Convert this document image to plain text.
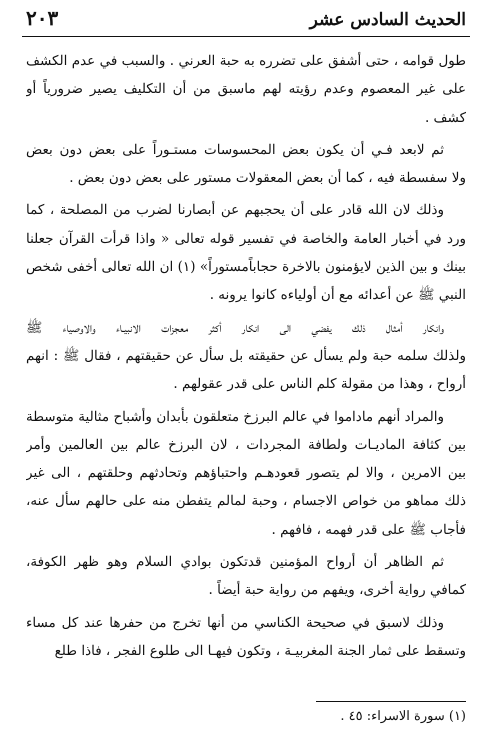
الحديث السادس عشر
٢٠٣
طول قوامه ، حتى أشفق على تضرره به حبة العرني . والسبب في عدم الكشف
على غير المعصوم وعدم رؤيته لهم ماسبق من أن التكليف يصير ضرورياً أو
كشف .
ثم لابعد فـي أن يكون بعض المحسوسات مستـوراً على بعض دون بعض
ولا سفسطة فيه ، كما أن بعض المعقولات مستور على بعض دون بعض .
وذلك لان الله قادر على أن يحجبهم عن أبصارنا لضرب من المصلحة ، كما
ورد في أخبار العامة والخاصة في تفسير قوله تعالى « واذا قرأت القرآن جعلنا
بينك و بين الذين لايؤمنون بالاخرة حجاباًمستوراً» (١) ان الله تعالى أخفى شخص
النبي ﷺ عن أعدائه مع أن أولياءه كانوا يرونه .
وانكار أمثال ذلك يفضي الى انكار أكثر معجزات الانبيـاء والاوصياء ﷺ
ولذلك سلمه حبة ولم يسأل عن حقيقته بل سأل عن حقيقتهم ، فقال ﷺ : انهم
أرواح ، وهذا من مقولة كلم الناس على قدر عقولهم .
والمراد أنهم ماداموا في عالم البرزخ متعلقون بأبدان وأشباح مثالية متوسطة
بين كثافة الماديـات ولطافة المجردات ، لان البرزخ عالم بين العالمين وأمر
بين الامرين ، والا لم يتصور قعودهـم واحتباؤهم وتحادثهم وحلقتهم ، الى غير
ذلك مماهو من خواص الاجسام ، وحبة لمالم يتفطن منه على حالهم سأل عنه،
فأجاب ﷺ على قدر فهمه ، فافهم .
ثم الظاهر أن أرواح المؤمنين قدتكون بوادي السلام وهو ظهر الكوفة،
كمافي رواية أخرى، ويفهم من رواية حبة أيضاً .
وذلك لاسبق في صحيحة الكناسي من أنها تخرج من حفرها عند كل مساء
وتسقط على ثمار الجنة المغربيـة ، وتكون فيهـا الى طلوع الفجر ، فاذا طلع
(١) سورة الاسراء: ٤٥ .
